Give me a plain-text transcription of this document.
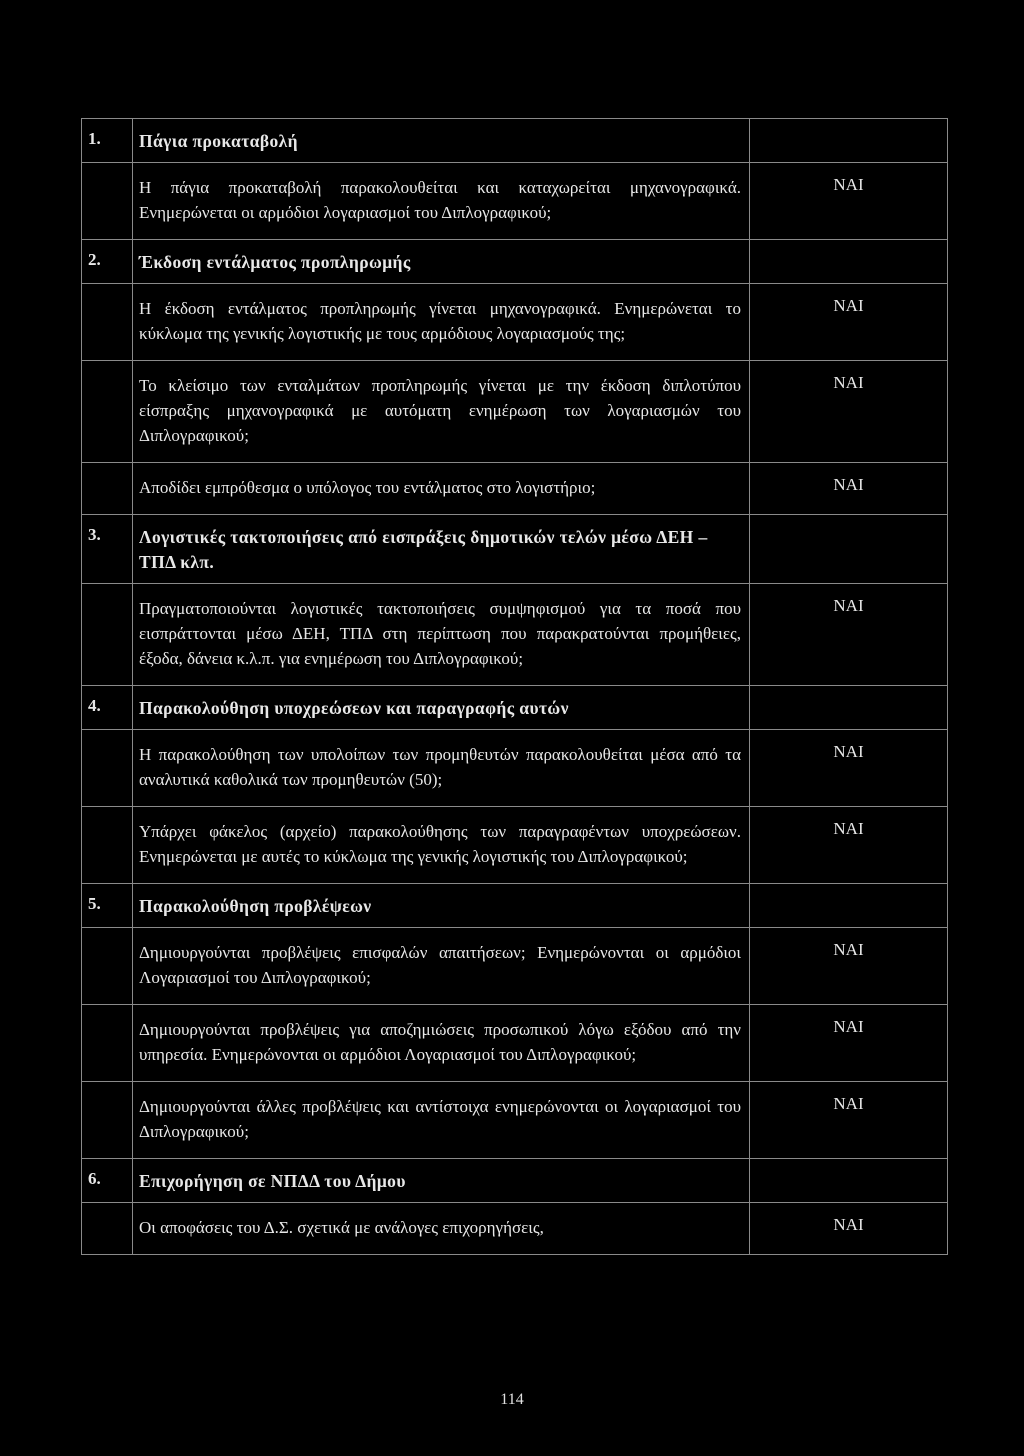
1.	Πάγια προκαταβολή	
	Η πάγια προκαταβολή παρακολουθείται και καταχωρείται μηχανογραφικά. Ενημερώνεται οι αρμόδιοι λογαριασμοί του Διπλογραφικού;	ΝΑΙ
2.	Έκδοση εντάλματος προπληρωμής	
	Η έκδοση εντάλματος προπληρωμής γίνεται μηχανογραφικά. Ενημερώνεται το κύκλωμα της γενικής λογιστικής με τους αρμόδιους λογαριασμούς της;	ΝΑΙ
	Το κλείσιμο των ενταλμάτων προπληρωμής γίνεται με την έκδοση διπλοτύπου είσπραξης μηχανογραφικά με αυτόματη ενημέρωση των λογαριασμών του Διπλογραφικού;	ΝΑΙ
	Αποδίδει εμπρόθεσμα ο υπόλογος του εντάλματος στο λογιστήριο;	ΝΑΙ
3.	Λογιστικές τακτοποιήσεις από εισπράξεις δημοτικών τελών μέσω ΔΕΗ – ΤΠΔ κλπ.	
	Πραγματοποιούνται λογιστικές τακτοποιήσεις συμψηφισμού για τα ποσά που εισπράττονται μέσω ΔΕΗ, ΤΠΔ στη περίπτωση που παρακρατούνται προμήθειες, έξοδα, δάνεια κ.λ.π. για ενημέρωση του Διπλογραφικού;	ΝΑΙ
4.	Παρακολούθηση υποχρεώσεων και παραγραφής αυτών	
	Η παρακολούθηση των υπολοίπων των προμηθευτών παρακολουθείται μέσα από τα αναλυτικά καθολικά των προμηθευτών (50);	ΝΑΙ
	Υπάρχει φάκελος (αρχείο) παρακολούθησης των παραγραφέντων υποχρεώσεων. Ενημερώνεται με αυτές το κύκλωμα της γενικής λογιστικής του Διπλογραφικού;	ΝΑΙ
5.	Παρακολούθηση προβλέψεων	
	Δημιουργούνται προβλέψεις επισφαλών απαιτήσεων; Ενημερώνονται οι αρμόδιοι Λογαριασμοί του Διπλογραφικού;	ΝΑΙ
	Δημιουργούνται προβλέψεις για αποζημιώσεις προσωπικού λόγω εξόδου από την υπηρεσία. Ενημερώνονται οι αρμόδιοι Λογαριασμοί του Διπλογραφικού;	ΝΑΙ
	Δημιουργούνται άλλες προβλέψεις και αντίστοιχα ενημερώνονται οι λογαριασμοί του Διπλογραφικού;	ΝΑΙ
6.	Επιχορήγηση σε ΝΠΔΔ του Δήμου	
	Οι αποφάσεις του Δ.Σ. σχετικά με ανάλογες επιχορηγήσεις,	ΝΑΙ
114
